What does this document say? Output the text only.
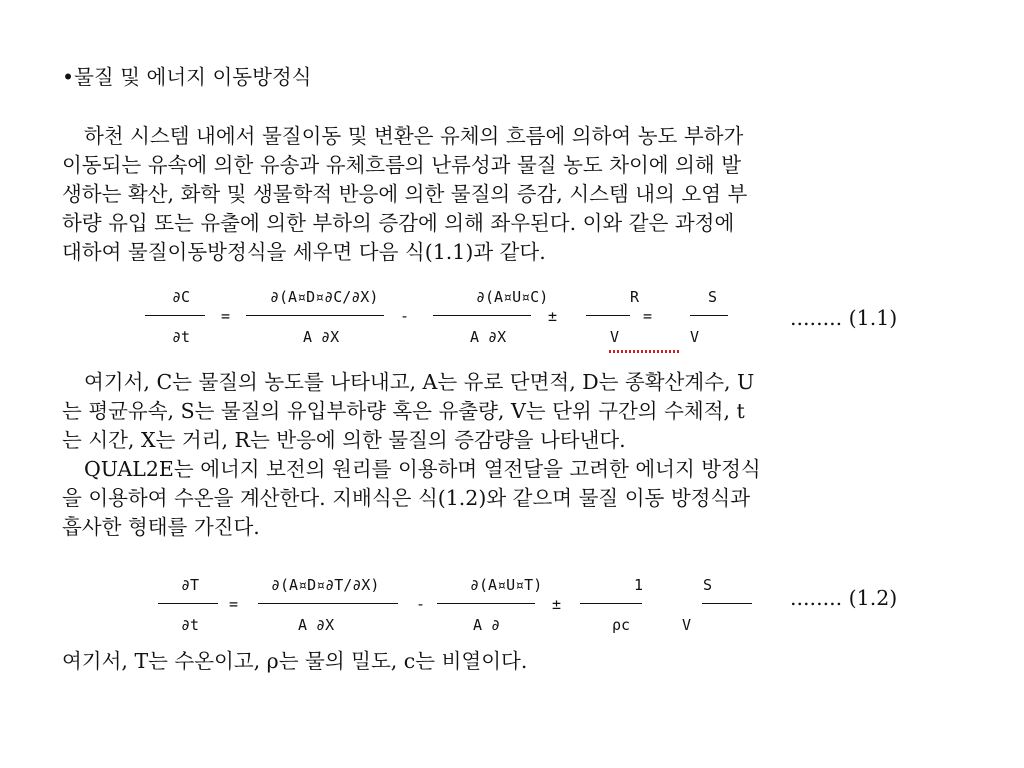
•물질 및 에너지 이동방정식
하천 시스템 내에서 물질이동 및 변환은 유체의 흐름에 의하여 농도 부하가
이동되는 유속에 의한 유송과 유체흐름의 난류성과 물질 농도 차이에 의해 발
생하는 확산, 화학 및 생물학적 반응에 의한 물질의 증감, 시스템 내의 오염 부
하량 유입 또는 유출에 의한 부하의 증감에 의해 좌우된다. 이와 같은 과정에
대하여 물질이동방정식을 세우면 다음 식(1.1)과 같다.
∂C
∂t
=
∂(A¤D¤∂C/∂X)
A ∂X
-
∂(A¤U¤C)
A ∂X
±
R
V
=
S
V
........ (1.1)
여기서, C는 물질의 농도를 나타내고, A는 유로 단면적, D는 종확산계수, U
는 평균유속, S는 물질의 유입부하량 혹은 유출량, V는 단위 구간의 수체적, t
는 시간, X는 거리, R는 반응에 의한 물질의 증감량을 나타낸다.
QUAL2E는 에너지 보전의 원리를 이용하며 열전달을 고려한 에너지 방정식
을 이용하여 수온을 계산한다. 지배식은 식(1.2)와 같으며 물질 이동 방정식과
흡사한 형태를 가진다.
∂T
∂t
=
∂(A¤D¤∂T/∂X)
A ∂X
-
∂(A¤U¤T)
A ∂
±
1
ρc
S
V
........ (1.2)
여기서, T는 수온이고, ρ는 물의 밀도, c는 비열이다.
